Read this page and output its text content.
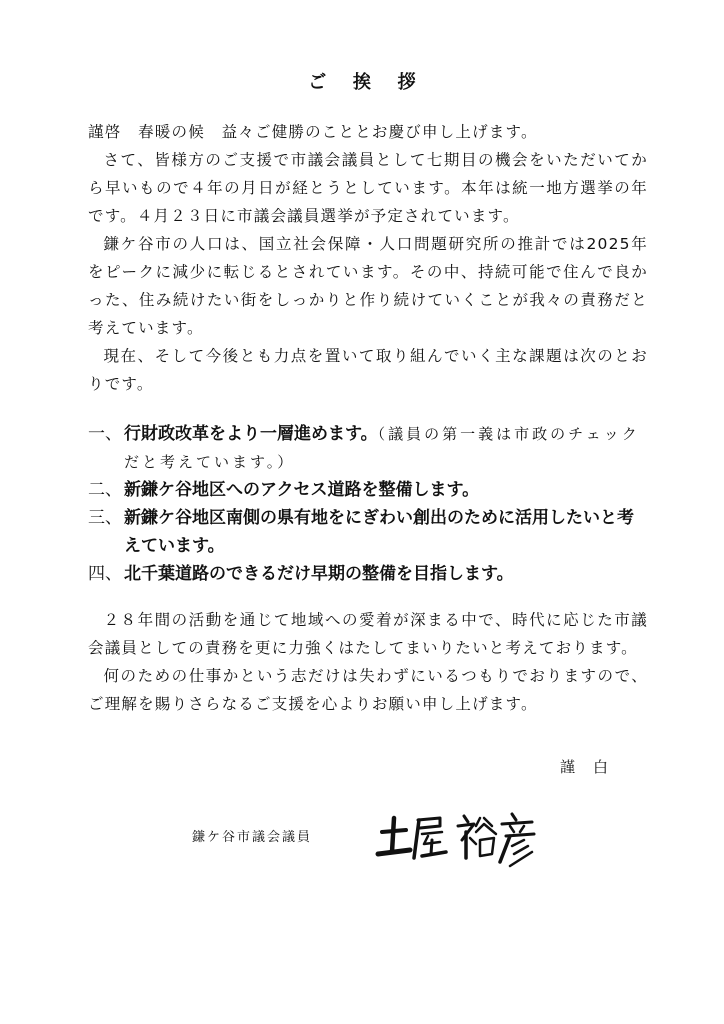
ご 挨 拶

謹啓　春暖の候　益々ご健勝のこととお慶び申し上げます。

さて、皆様方のご支援で市議会議員として七期目の機会をいただいてから早いもので４年の月日が経とうとしています。本年は統一地方選挙の年です。４月２３日に市議会議員選挙が予定されています。

鎌ケ谷市の人口は、国立社会保障・人口問題研究所の推計では2025年をピークに減少に転じるとされています。その中、持続可能で住んで良かった、住み続けたい街をしっかりと作り続けていくことが我々の責務だと考えています。

現在、そして今後とも力点を置いて取り組んでいく主な課題は次のとおりです。

一、 行財政改革をより一層進めます。（議員の第一義は市政のチェックだと考えています。）
二、 新鎌ケ谷地区へのアクセス道路を整備します。
三、 新鎌ケ谷地区南側の県有地をにぎわい創出のために活用したいと考えています。
四、 北千葉道路のできるだけ早期の整備を目指します。

２８年間の活動を通じて地域への愛着が深まる中で、時代に応じた市議会議員としての責務を更に力強くはたしてまいりたいと考えております。

何のための仕事かという志だけは失わずにいるつもりでおりますので、ご理解を賜りさらなるご支援を心よりお願い申し上げます。

謹 白
鎌ケ谷市議会議員
